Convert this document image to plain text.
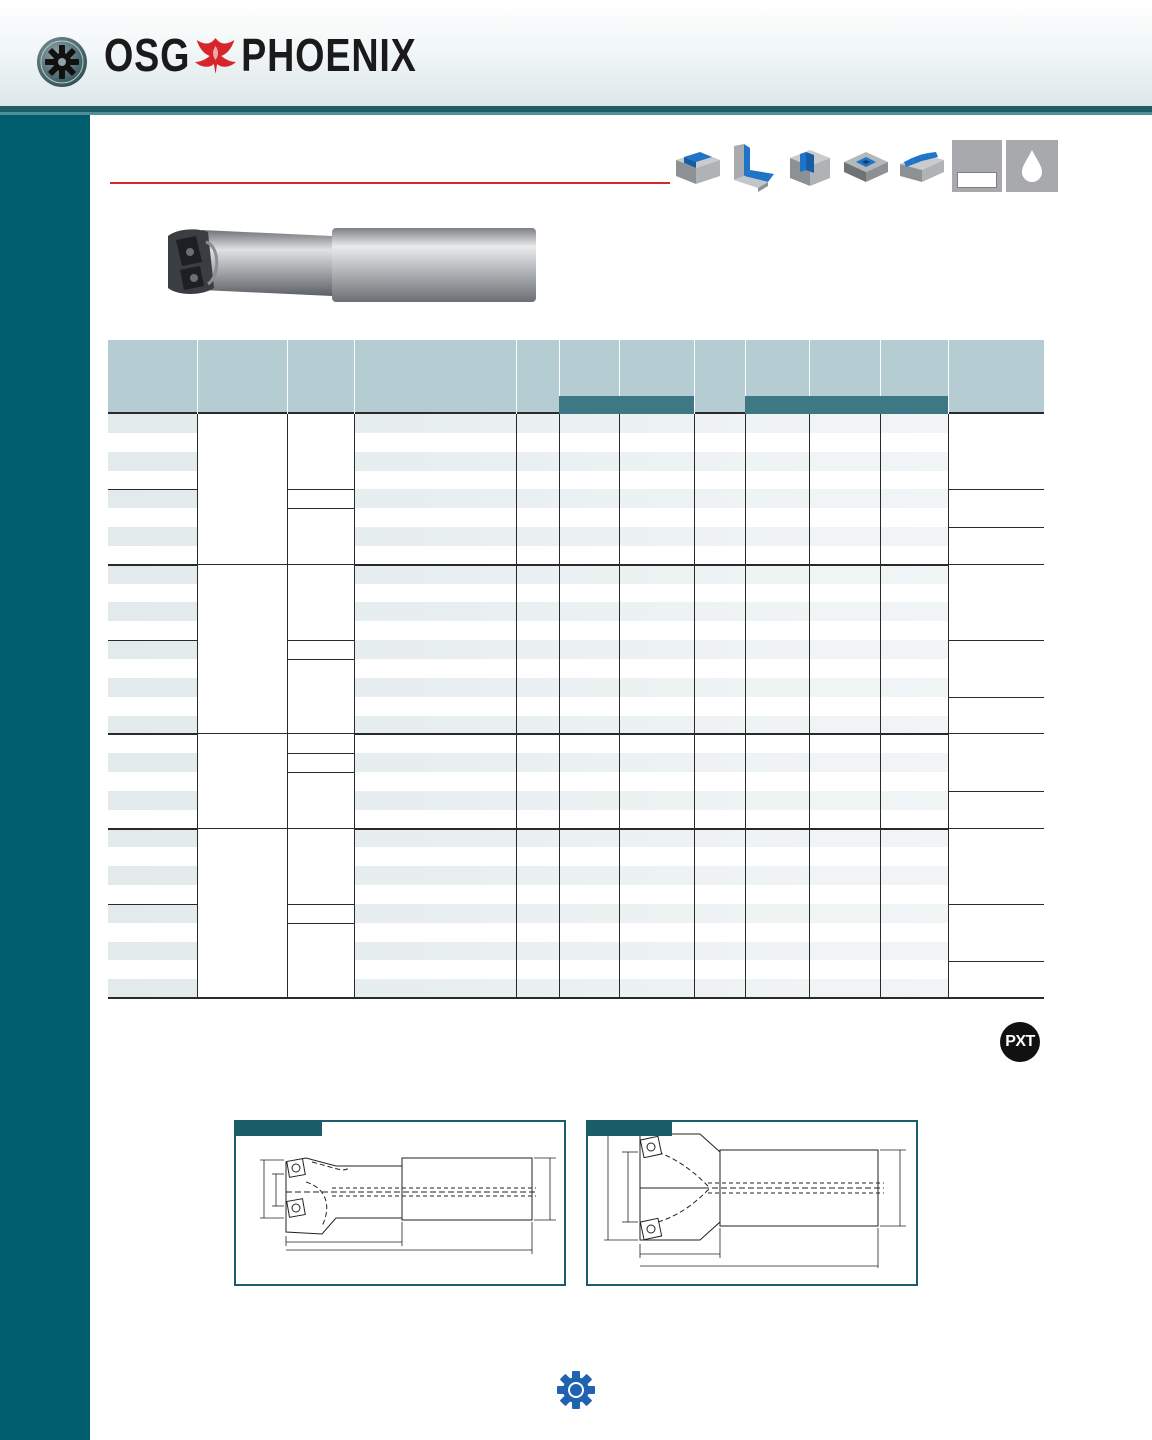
OSG PHOENIX
PXT
